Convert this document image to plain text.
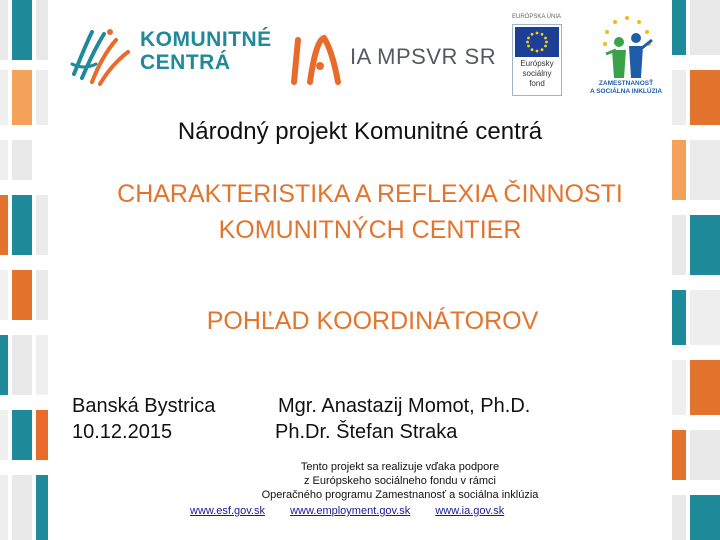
KOMUNITNÉ
CENTRÁ	IA MPSVR SR
EURÓPSKA ÚNIA
Európsky
sociálny
fond	ZAMESTNANOSŤ
A SOCIÁLNA INKLÚZIA
Národný projekt Komunitné centrá
CHARAKTERISTIKA A REFLEXIA ČINNOSTI
KOMUNITNÝCH CENTIER
POHĽAD KOORDINÁTOROV
Banská Bystrica
10.12.2015
Mgr. Anastazij Momot, Ph.D.
Ph.Dr. Štefan Straka
Tento projekt sa realizuje vďaka podpore
z Európskeho sociálneho fondu v rámci
Operačného programu Zamestnanosť a sociálna inklúzia
www.esf.gov.sk www.employment.gov.sk www.ia.gov.sk
